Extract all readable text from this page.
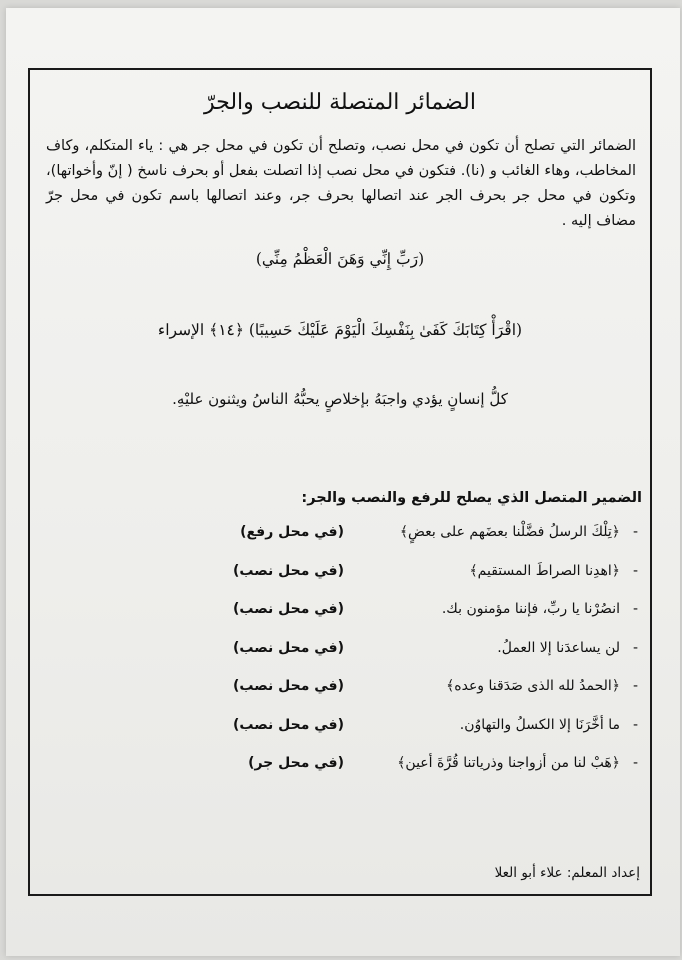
الضمائر المتصلة للنصب والجرّ
الضمائر التي تصلح أن تكون في محل نصب، وتصلح أن تكون في محل جر هي : ياء المتكلم، وكاف المخاطب، وهاء الغائب و (نا). فتكون في محل نصب إذا اتصلت بفعل أو بحرف ناسخ ( إنّ وأخواتها)، وتكون في محل جر بحرف الجر عند اتصالها بحرف جر، وعند اتصالها باسم تكون في محل جرّ مضاف إليه .
(رَبِّ إِنِّي وَهَنَ الْعَظْمُ مِنِّي)
(اقْرَأْ كِتَابَكَ كَفَىٰ بِنَفْسِكَ الْيَوْمَ عَلَيْكَ حَسِيبًا) ﴿١٤﴾ الإسراء
كلُّ إنسانٍ يؤدي واجبَهُ بإخلاصٍ يحبُّهُ الناسُ ويثنون عليْهِ.
الضمير المتصل الذي يصلح للرفع والنصب والجر:
-
﴿تِلْكَ الرسلُ فضَّلْنا بعضَهم على بعضٍ﴾
(في محل رفع)
-
﴿اهدِنا الصراطَ المستقيم﴾
(في محل نصب)
-
انصُرْنا يا ربِّ، فإننا مؤمنون بك.
(في محل نصب)
-
لن يساعدَنا إلا العملُ.
(في محل نصب)
-
﴿الحمدُ لله الذى صَدَقنا وعده﴾
(في محل نصب)
-
ما أخَّرَنَا إلا الكسلُ والتهاوُن.
(في محل نصب)
-
﴿هَبْ لنا من أزواجنا وذرياتنا قُرَّةَ أعين﴾
(في محل جر)
إعداد المعلم: علاء أبو العلا
